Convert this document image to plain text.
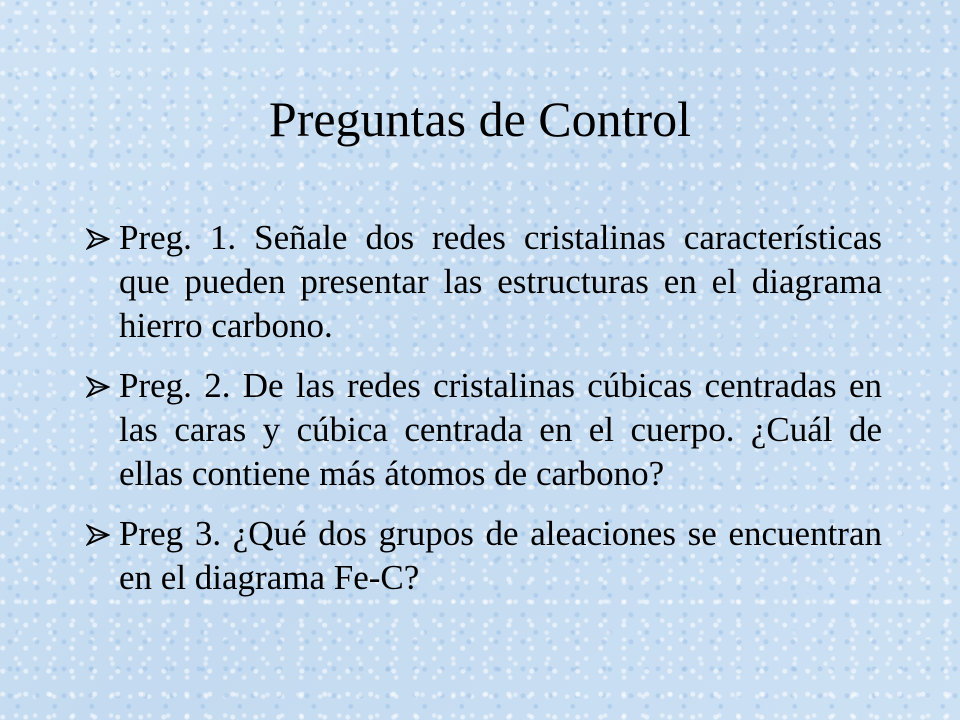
Preguntas de Control
Preg. 1. Señale dos redes cristalinas características que pueden presentar las estructuras en el diagrama hierro carbono.
Preg. 2. De las redes cristalinas cúbicas centradas en las caras y cúbica centrada en el cuerpo. ¿Cuál de ellas contiene más átomos de carbono?
Preg 3. ¿Qué dos grupos de aleaciones se encuentran en el diagrama Fe-C?
